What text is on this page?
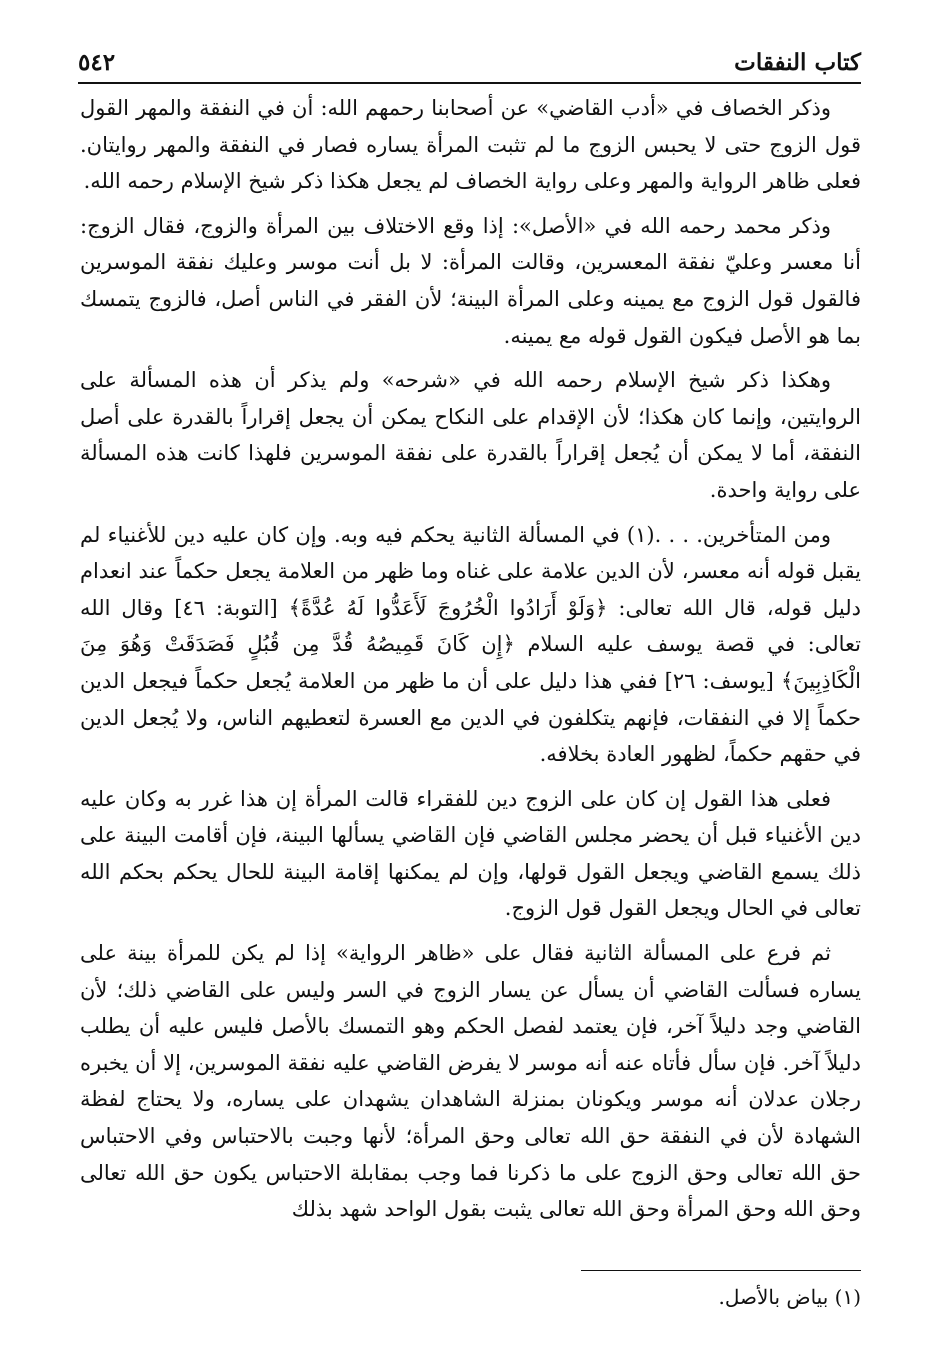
كتاب النفقات
٥٤٢

وذكر الخصاف في «أدب القاضي» عن أصحابنا رحمهم الله: أن في النفقة والمهر القول قول الزوج حتى لا يحبس الزوج ما لم تثبت المرأة يساره فصار في النفقة والمهر روايتان. فعلى ظاهر الرواية والمهر وعلى رواية الخصاف لم يجعل هكذا ذكر شيخ الإسلام رحمه الله.

وذكر محمد رحمه الله في «الأصل»: إذا وقع الاختلاف بين المرأة والزوج، فقال الزوج: أنا معسر وعليّ نفقة المعسرين، وقالت المرأة: لا بل أنت موسر وعليك نفقة الموسرين فالقول قول الزوج مع يمينه وعلى المرأة البينة؛ لأن الفقر في الناس أصل، فالزوج يتمسك بما هو الأصل فيكون القول قوله مع يمينه.

وهكذا ذكر شيخ الإسلام رحمه الله في «شرحه» ولم يذكر أن هذه المسألة على الروايتين، وإنما كان هكذا؛ لأن الإقدام على النكاح يمكن أن يجعل إقراراً بالقدرة على أصل النفقة، أما لا يمكن أن يُجعل إقراراً بالقدرة على نفقة الموسرين فلهذا كانت هذه المسألة على رواية واحدة.

ومن المتأخرين. . . .(١) في المسألة الثانية يحكم فيه وبه. وإن كان عليه دين للأغنياء لم يقبل قوله أنه معسر، لأن الدين علامة على غناه وما ظهر من العلامة يجعل حكماً عند انعدام دليل قوله، قال الله تعالى: ﴿وَلَوْ أَرَادُوا الْخُرُوجَ لَأَعَدُّوا لَهُ عُدَّةً﴾ [التوبة: ٤٦] وقال الله تعالى: في قصة يوسف عليه السلام ﴿إِن كَانَ قَمِيصُهُ قُدَّ مِن قُبُلٍ فَصَدَقَتْ وَهُوَ مِنَ الْكَاذِبِينَ﴾ [يوسف: ٢٦] ففي هذا دليل على أن ما ظهر من العلامة يُجعل حكماً فيجعل الدين حكماً إلا في النفقات، فإنهم يتكلفون في الدين مع العسرة لتعطيهم الناس، ولا يُجعل الدين في حقهم حكماً، لظهور العادة بخلافه.

فعلى هذا القول إن كان على الزوج دين للفقراء قالت المرأة إن هذا غرر به وكان عليه دين الأغنياء قبل أن يحضر مجلس القاضي فإن القاضي يسألها البينة، فإن أقامت البينة على ذلك يسمع القاضي ويجعل القول قولها، وإن لم يمكنها إقامة البينة للحال يحكم بحكم الله تعالى في الحال ويجعل القول قول الزوج.

ثم فرع على المسألة الثانية فقال على «ظاهر الرواية» إذا لم يكن للمرأة بينة على يساره فسألت القاضي أن يسأل عن يسار الزوج في السر وليس على القاضي ذلك؛ لأن القاضي وجد دليلاً آخر، فإن يعتمد لفصل الحكم وهو التمسك بالأصل فليس عليه أن يطلب دليلاً آخر. فإن سأل فأتاه عنه أنه موسر لا يفرض القاضي عليه نفقة الموسرين، إلا أن يخبره رجلان عدلان أنه موسر ويكونان بمنزلة الشاهدان يشهدان على يساره، ولا يحتاج لفظة الشهادة لأن في النفقة حق الله تعالى وحق المرأة؛ لأنها وجبت بالاحتباس وفي الاحتباس حق الله تعالى وحق الزوج على ما ذكرنا فما وجب بمقابلة الاحتباس يكون حق الله تعالى وحق الله وحق المرأة وحق الله تعالى يثبت بقول الواحد شهد بذلك

(١) بياض بالأصل.
